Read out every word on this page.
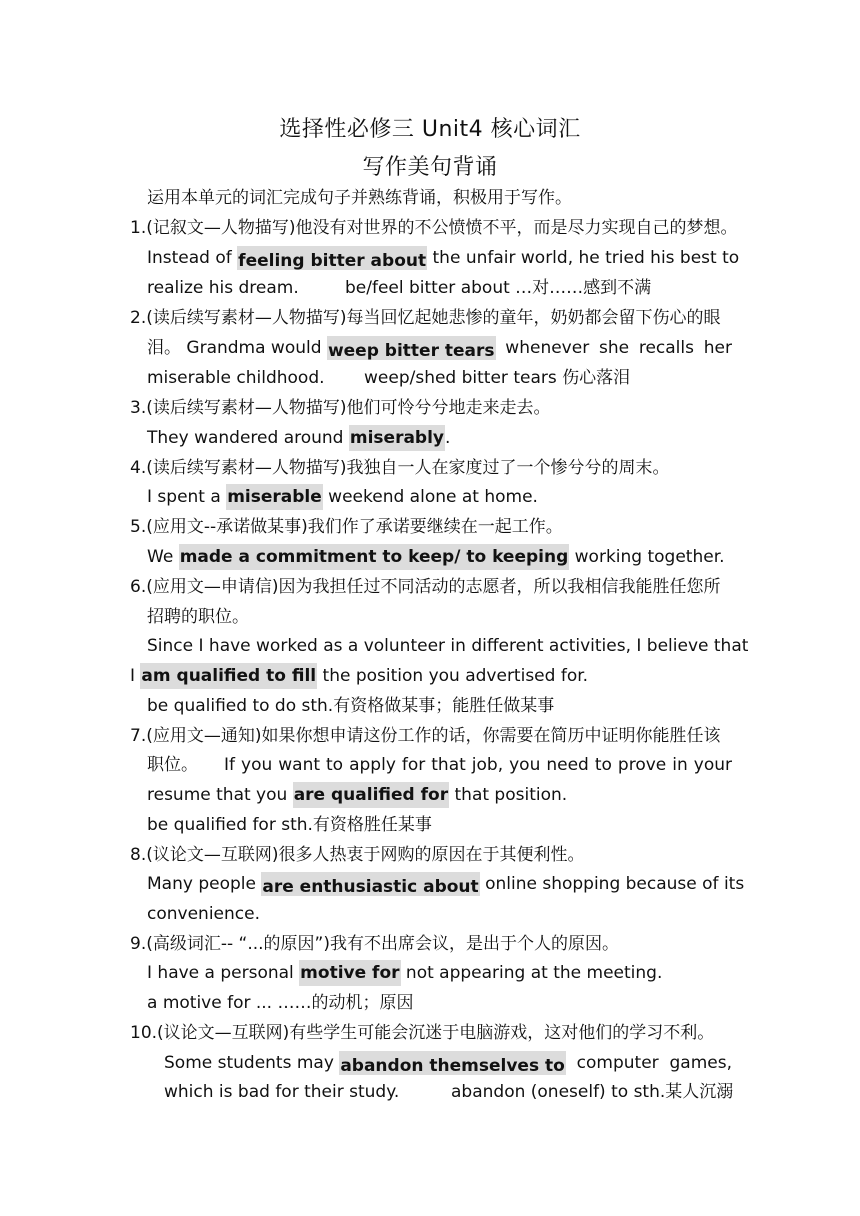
选择性必修三 Unit4 核心词汇
写作美句背诵
运用本单元的词汇完成句子并熟练背诵，积极用于写作。
1.(记叙文—人物描写)他没有对世界的不公愤愤不平，而是尽力实现自己的梦想。
Instead of feeling bitter about the unfair world, he tried his best to
realize his dream.	be/feel bitter about …对……感到不满
2.(读后续写素材—人物描写)每当回忆起她悲惨的童年，奶奶都会留下伤心的眼
泪。 Grandma would weep bitter tears whenever she recalls her
miserable childhood. weep/shed bitter tears 伤心落泪
3.(读后续写素材—人物描写)他们可怜兮兮地走来走去。
They wandered around miserably.
4.(读后续写素材—人物描写)我独自一人在家度过了一个惨兮兮的周末。
I spent a miserable weekend alone at home.
5.(应用文--承诺做某事)我们作了承诺要继续在一起工作。
We made a commitment to keep/ to keeping working together.
6.(应用文—申请信)因为我担任过不同活动的志愿者，所以我相信我能胜任您所
招聘的职位。
Since I have worked as a volunteer in different activities, I believe that
I am qualified to fill the position you advertised for.
be qualified to do sth.有资格做某事；能胜任做某事
7.(应用文—通知)如果你想申请这份工作的话，你需要在简历中证明你能胜任该
职位。 If you want to apply for that job, you need to prove in your
resume that you are qualified for that position.
be qualified for sth.有资格胜任某事
8.(议论文—互联网)很多人热衷于网购的原因在于其便利性。
Many people are enthusiastic about online shopping because of its
convenience.
9.(高级词汇-- “...的原因”)我有不出席会议，是出于个人的原因。
I have a personal motive for not appearing at the meeting.
a motive for ... ……的动机；原因
10.(议论文—互联网)有些学生可能会沉迷于电脑游戏，这对他们的学习不利。
Some students may abandon themselves to computer games,
which is bad for their study.	abandon (oneself) to sth.某人沉溺
